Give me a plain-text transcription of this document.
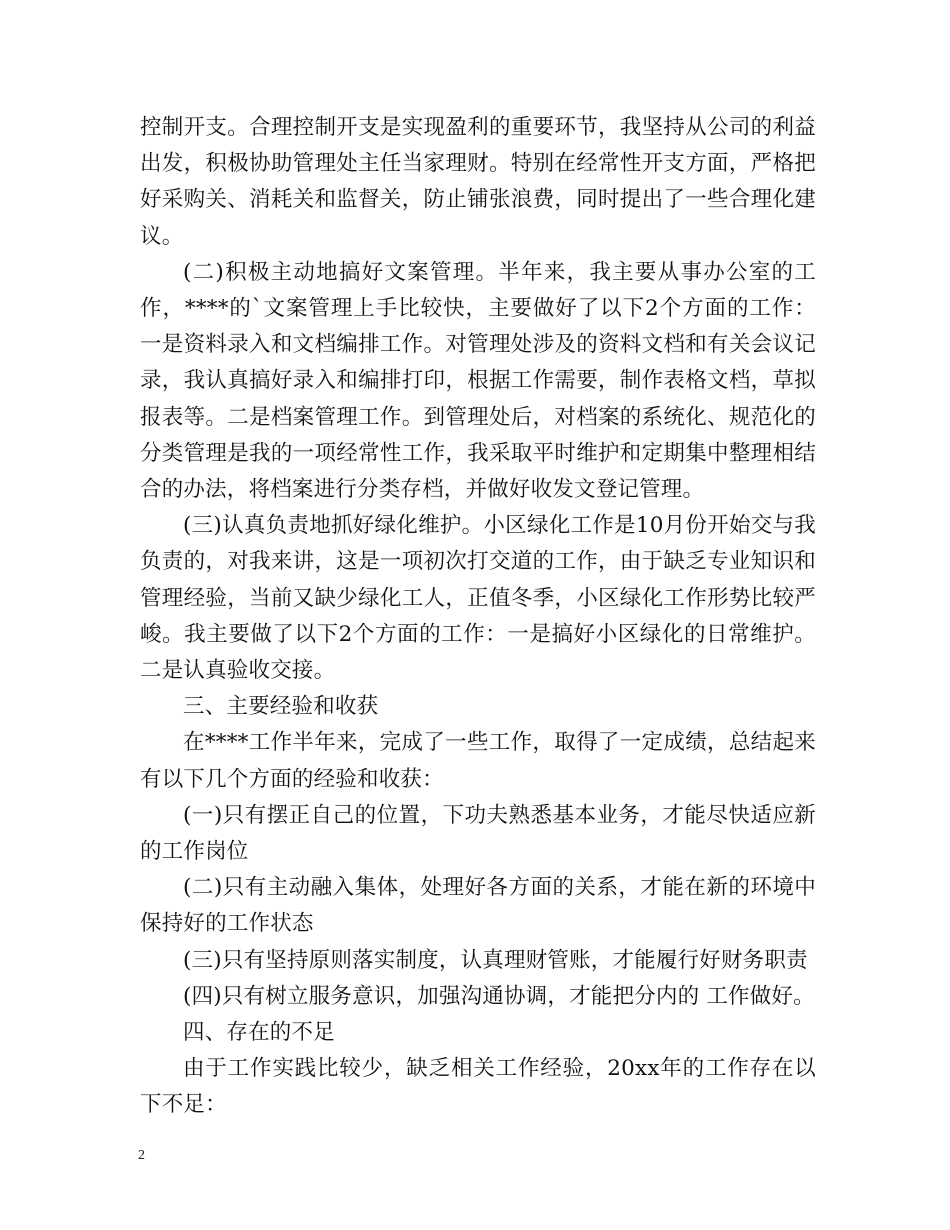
控制开支。合理控制开支是实现盈利的重要环节，我坚持从公司的利益出发，积极协助管理处主任当家理财。特别在经常性开支方面，严格把好采购关、消耗关和监督关，防止铺张浪费，同时提出了一些合理化建议。

(二)积极主动地搞好文案管理。半年来，我主要从事办公室的工作，****的`文案管理上手比较快，主要做好了以下2个方面的工作：一是资料录入和文档编排工作。对管理处涉及的资料文档和有关会议记录，我认真搞好录入和编排打印，根据工作需要，制作表格文档，草拟报表等。二是档案管理工作。到管理处后，对档案的系统化、规范化的分类管理是我的一项经常性工作，我采取平时维护和定期集中整理相结合的办法，将档案进行分类存档，并做好收发文登记管理。

(三)认真负责地抓好绿化维护。小区绿化工作是10月份开始交与我负责的，对我来讲，这是一项初次打交道的工作，由于缺乏专业知识和管理经验，当前又缺少绿化工人，正值冬季，小区绿化工作形势比较严峻。我主要做了以下2个方面的工作：一是搞好小区绿化的日常维护。二是认真验收交接。

三、主要经验和收获

在****工作半年来，完成了一些工作，取得了一定成绩，总结起来有以下几个方面的经验和收获：

(一)只有摆正自己的位置，下功夫熟悉基本业务，才能尽快适应新的工作岗位

(二)只有主动融入集体，处理好各方面的关系，才能在新的环境中保持好的工作状态

(三)只有坚持原则落实制度，认真理财管账，才能履行好财务职责

(四)只有树立服务意识，加强沟通协调，才能把分内的 工作做好。

四、存在的不足

由于工作实践比较少，缺乏相关工作经验，20xx年的工作存在以下不足：

2
